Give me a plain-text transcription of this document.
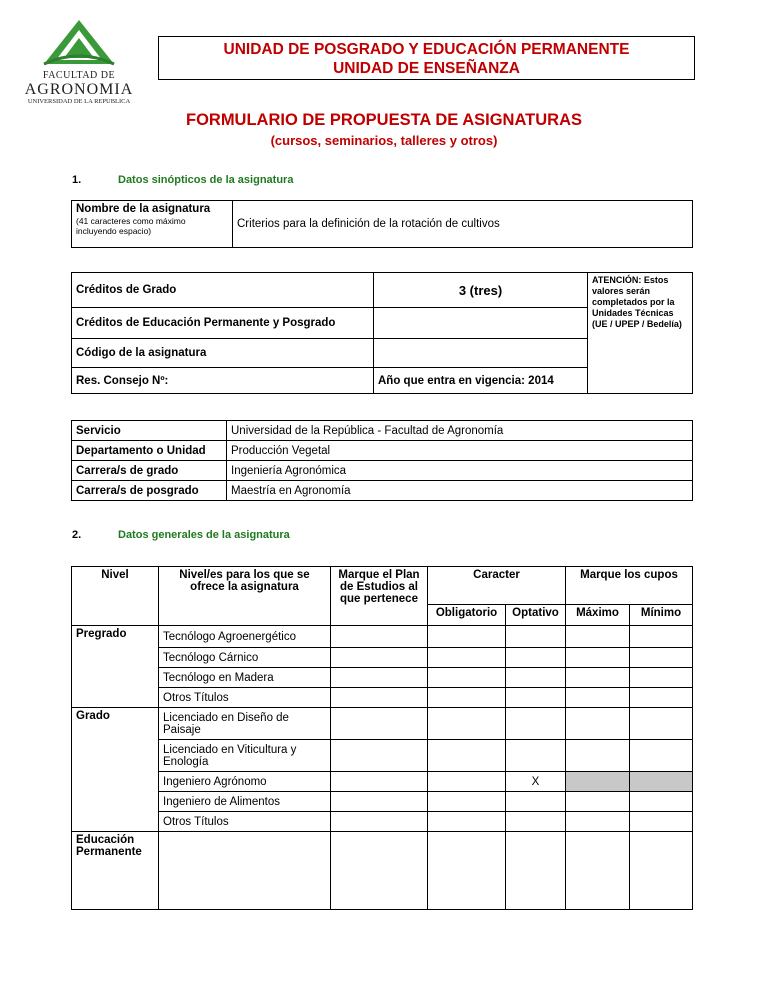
FACULTAD DE
AGRONOMIA
UNIVERSIDAD DE LA REPUBLICA
UNIDAD DE POSGRADO Y EDUCACIÓN PERMANENTE
UNIDAD DE ENSEÑANZA
FORMULARIO DE PROPUESTA DE ASIGNATURAS
(cursos, seminarios, talleres y otros)
1.	Datos sinópticos de la asignatura
Nombre de la asignatura
(41 caracteres como máximo incluyendo espacio)
	Criterios para la definición de la rotación de cultivos
Créditos de Grado	3 (tres)	ATENCIÓN: Estos valores serán completados por la Unidades Técnicas (UE / UPEP / Bedelía)
Créditos de Educación Permanente y Posgrado		
Código de la asignatura		
Res. Consejo Nº:	Año que entra en vigencia: 2014	
Servicio	Universidad de la República - Facultad de Agronomía
Departamento o Unidad	Producción Vegetal
Carrera/s de grado	Ingeniería Agronómica
Carrera/s de posgrado	Maestría en Agronomía
2.	Datos generales de la asignatura
Nivel	Nivel/es para los que se ofrece la asignatura	Marque el Plan de Estudios al que pertenece	Caracter		Marque los cupos	
			Obligatorio	Optativo	Máximo	Mínimo
Pregrado	Tecnólogo Agroenergético					
	Tecnólogo Cárnico					
	Tecnólogo en Madera					
	Otros Títulos					
Grado	Licenciado en Diseño de Paisaje					
	Licenciado en Viticultura y Enología					
	Ingeniero Agrónomo			X		
	Ingeniero de Alimentos					
	Otros Títulos					
Educación Permanente						
